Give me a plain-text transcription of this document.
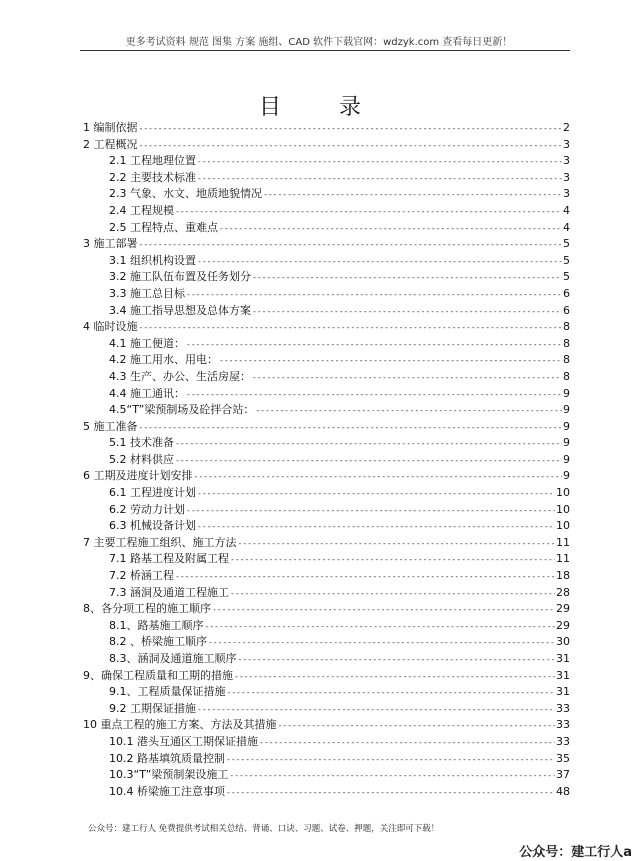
更多考试资料 规范 图集 方案 施组、CAD 软件下载官网：wdzyk.com 查看每日更新！
目　录
1 编制依据 -----	2
2 工程概况 -----	3
2.1 工程地理位置 -----	3
2.2 主要技术标准 -----	3
2.3 气象、水文、地质地貌情况 -----	3
2.4 工程规模 -----	4
2.5 工程特点、重难点 -----	4
3 施工部署 -----	5
3.1 组织机构设置 -----	5
3.2 施工队伍布置及任务划分 -----	5
3.3 施工总目标 -----	6
3.4 施工指导思想及总体方案 -----	6
4 临时设施 -----	8
4.1 施工便道： -----	8
4.2 施工用水、用电： -----	8
4.3 生产、办公、生活房屋： -----	8
4.4 施工通讯： -----	9
4.5“T”梁预制场及砼拌合站： -----	9
5 施工准备 -----	9
5.1 技术准备 -----	9
5.2 材料供应 -----	9
6 工期及进度计划安排 -----	9
6.1 工程进度计划 -----	10
6.2 劳动力计划 -----	10
6.3 机械设备计划 -----	10
7 主要工程施工组织、施工方法 -----	11
7.1 路基工程及附属工程 -----	11
7.2 桥涵工程 -----	18
7.3 涵洞及通道工程施工 -----	28
8、各分项工程的施工顺序 -----	29
8.1、路基施工顺序 -----	29
8.2 、桥梁施工顺序 -----	30
8.3、涵洞及通道施工顺序 -----	31
9、确保工程质量和工期的措施 -----	31
9.1、工程质量保证措施 -----	31
9.2 工期保证措施 -----	33
10 重点工程的施工方案、方法及其措施 -----	33
10.1 港头互通区工期保证措施 -----	33
10.2 路基填筑质量控制 -----	35
10.3“T”梁预制架设施工 -----	37
10.4 桥梁施工注意事项 -----	48
公众号：建工行人 免费提供考试相关总结、背诵、口诀、习题、试卷、押题，关注即可下载！
公众号：建工行人a
